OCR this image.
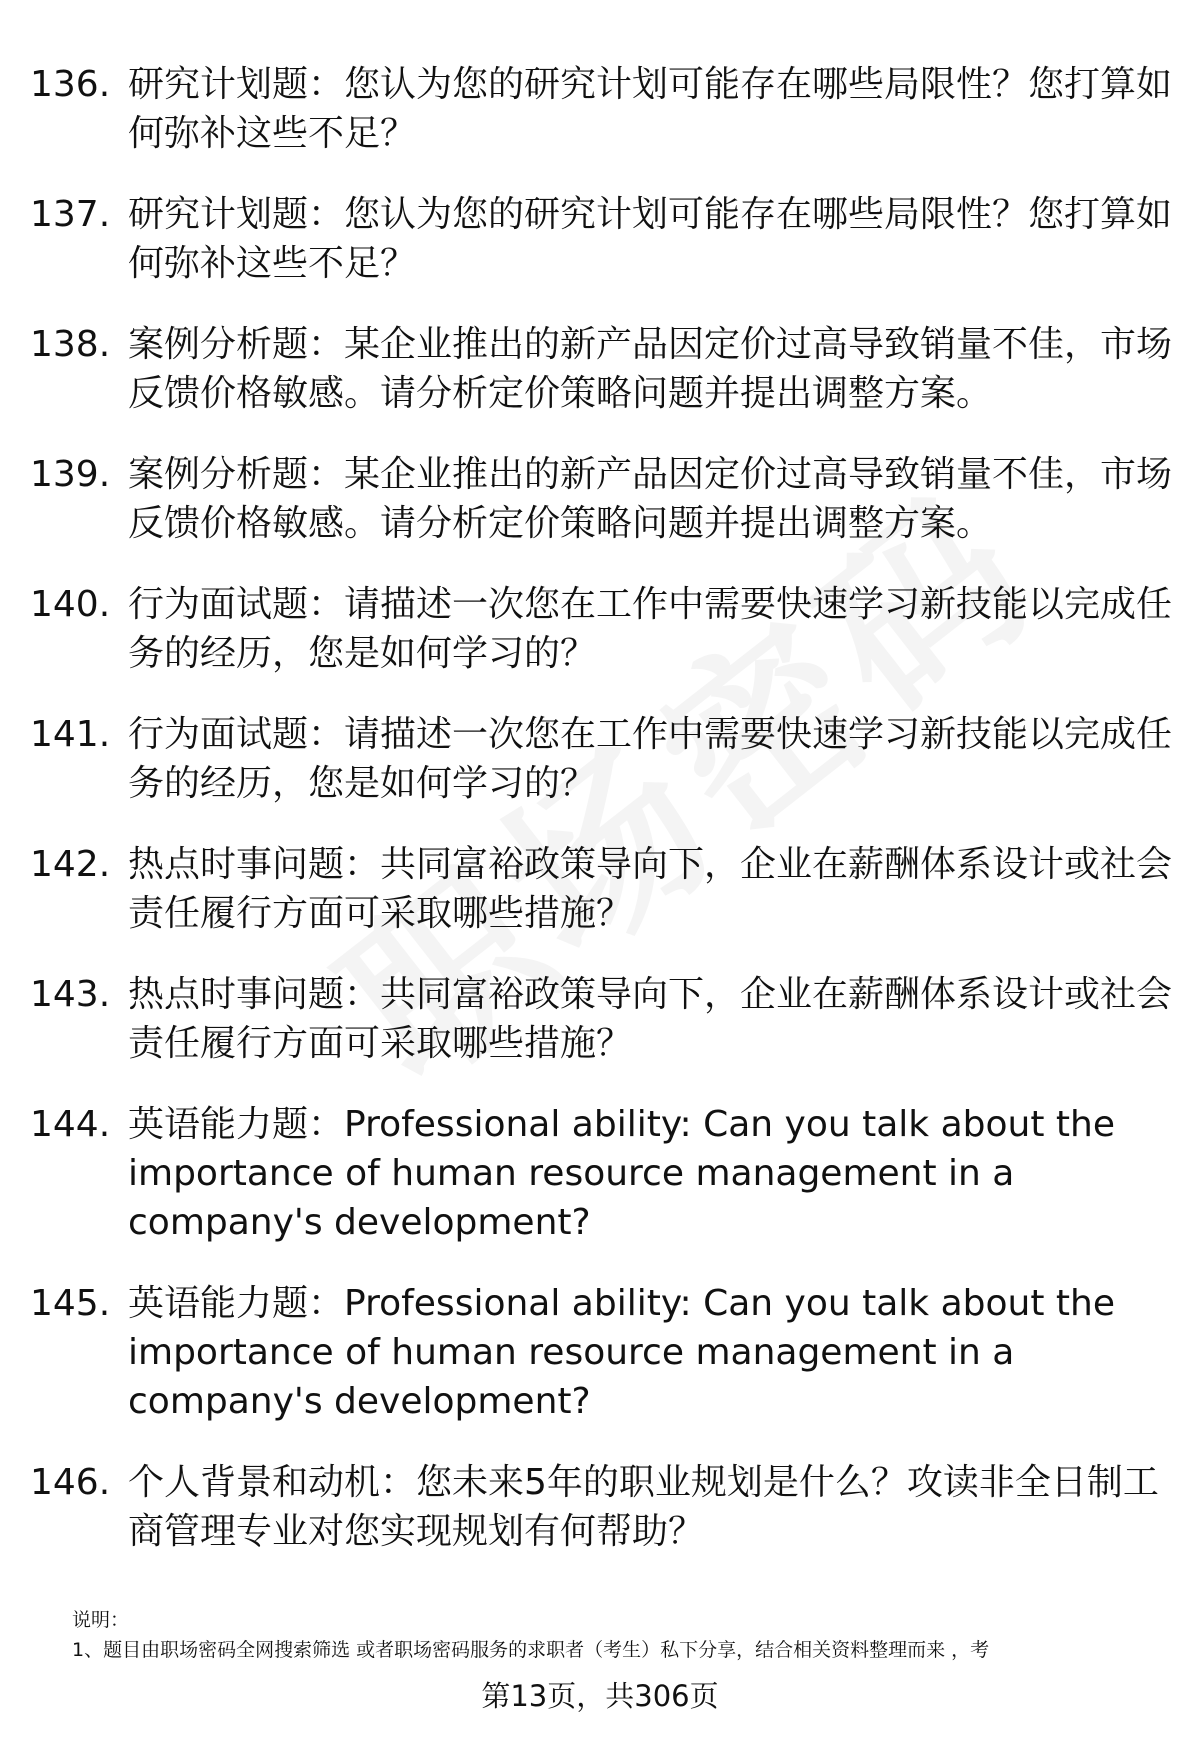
136. 研究计划题：您认为您的研究计划可能存在哪些局限性？您打算如何弥补这些不足？
137. 研究计划题：您认为您的研究计划可能存在哪些局限性？您打算如何弥补这些不足？
138. 案例分析题：某企业推出的新产品因定价过高导致销量不佳，市场反馈价格敏感。请分析定价策略问题并提出调整方案。
139. 案例分析题：某企业推出的新产品因定价过高导致销量不佳，市场反馈价格敏感。请分析定价策略问题并提出调整方案。
140. 行为面试题：请描述一次您在工作中需要快速学习新技能以完成任务的经历，您是如何学习的？
141. 行为面试题：请描述一次您在工作中需要快速学习新技能以完成任务的经历，您是如何学习的？
142. 热点时事问题：共同富裕政策导向下，企业在薪酬体系设计或社会责任履行方面可采取哪些措施？
143. 热点时事问题：共同富裕政策导向下，企业在薪酬体系设计或社会责任履行方面可采取哪些措施？
144. 英语能力题：Professional ability: Can you talk about the importance of human resource management in a company's development?
145. 英语能力题：Professional ability: Can you talk about the importance of human resource management in a company's development?
146. 个人背景和动机：您未来5年的职业规划是什么？攻读非全日制工商管理专业对您实现规划有何帮助？
说明：
1、题目由职场密码全网搜索筛选 或者职场密码服务的求职者（考生）私下分享，结合相关资料整理而来 ，考
第13页，共306页
